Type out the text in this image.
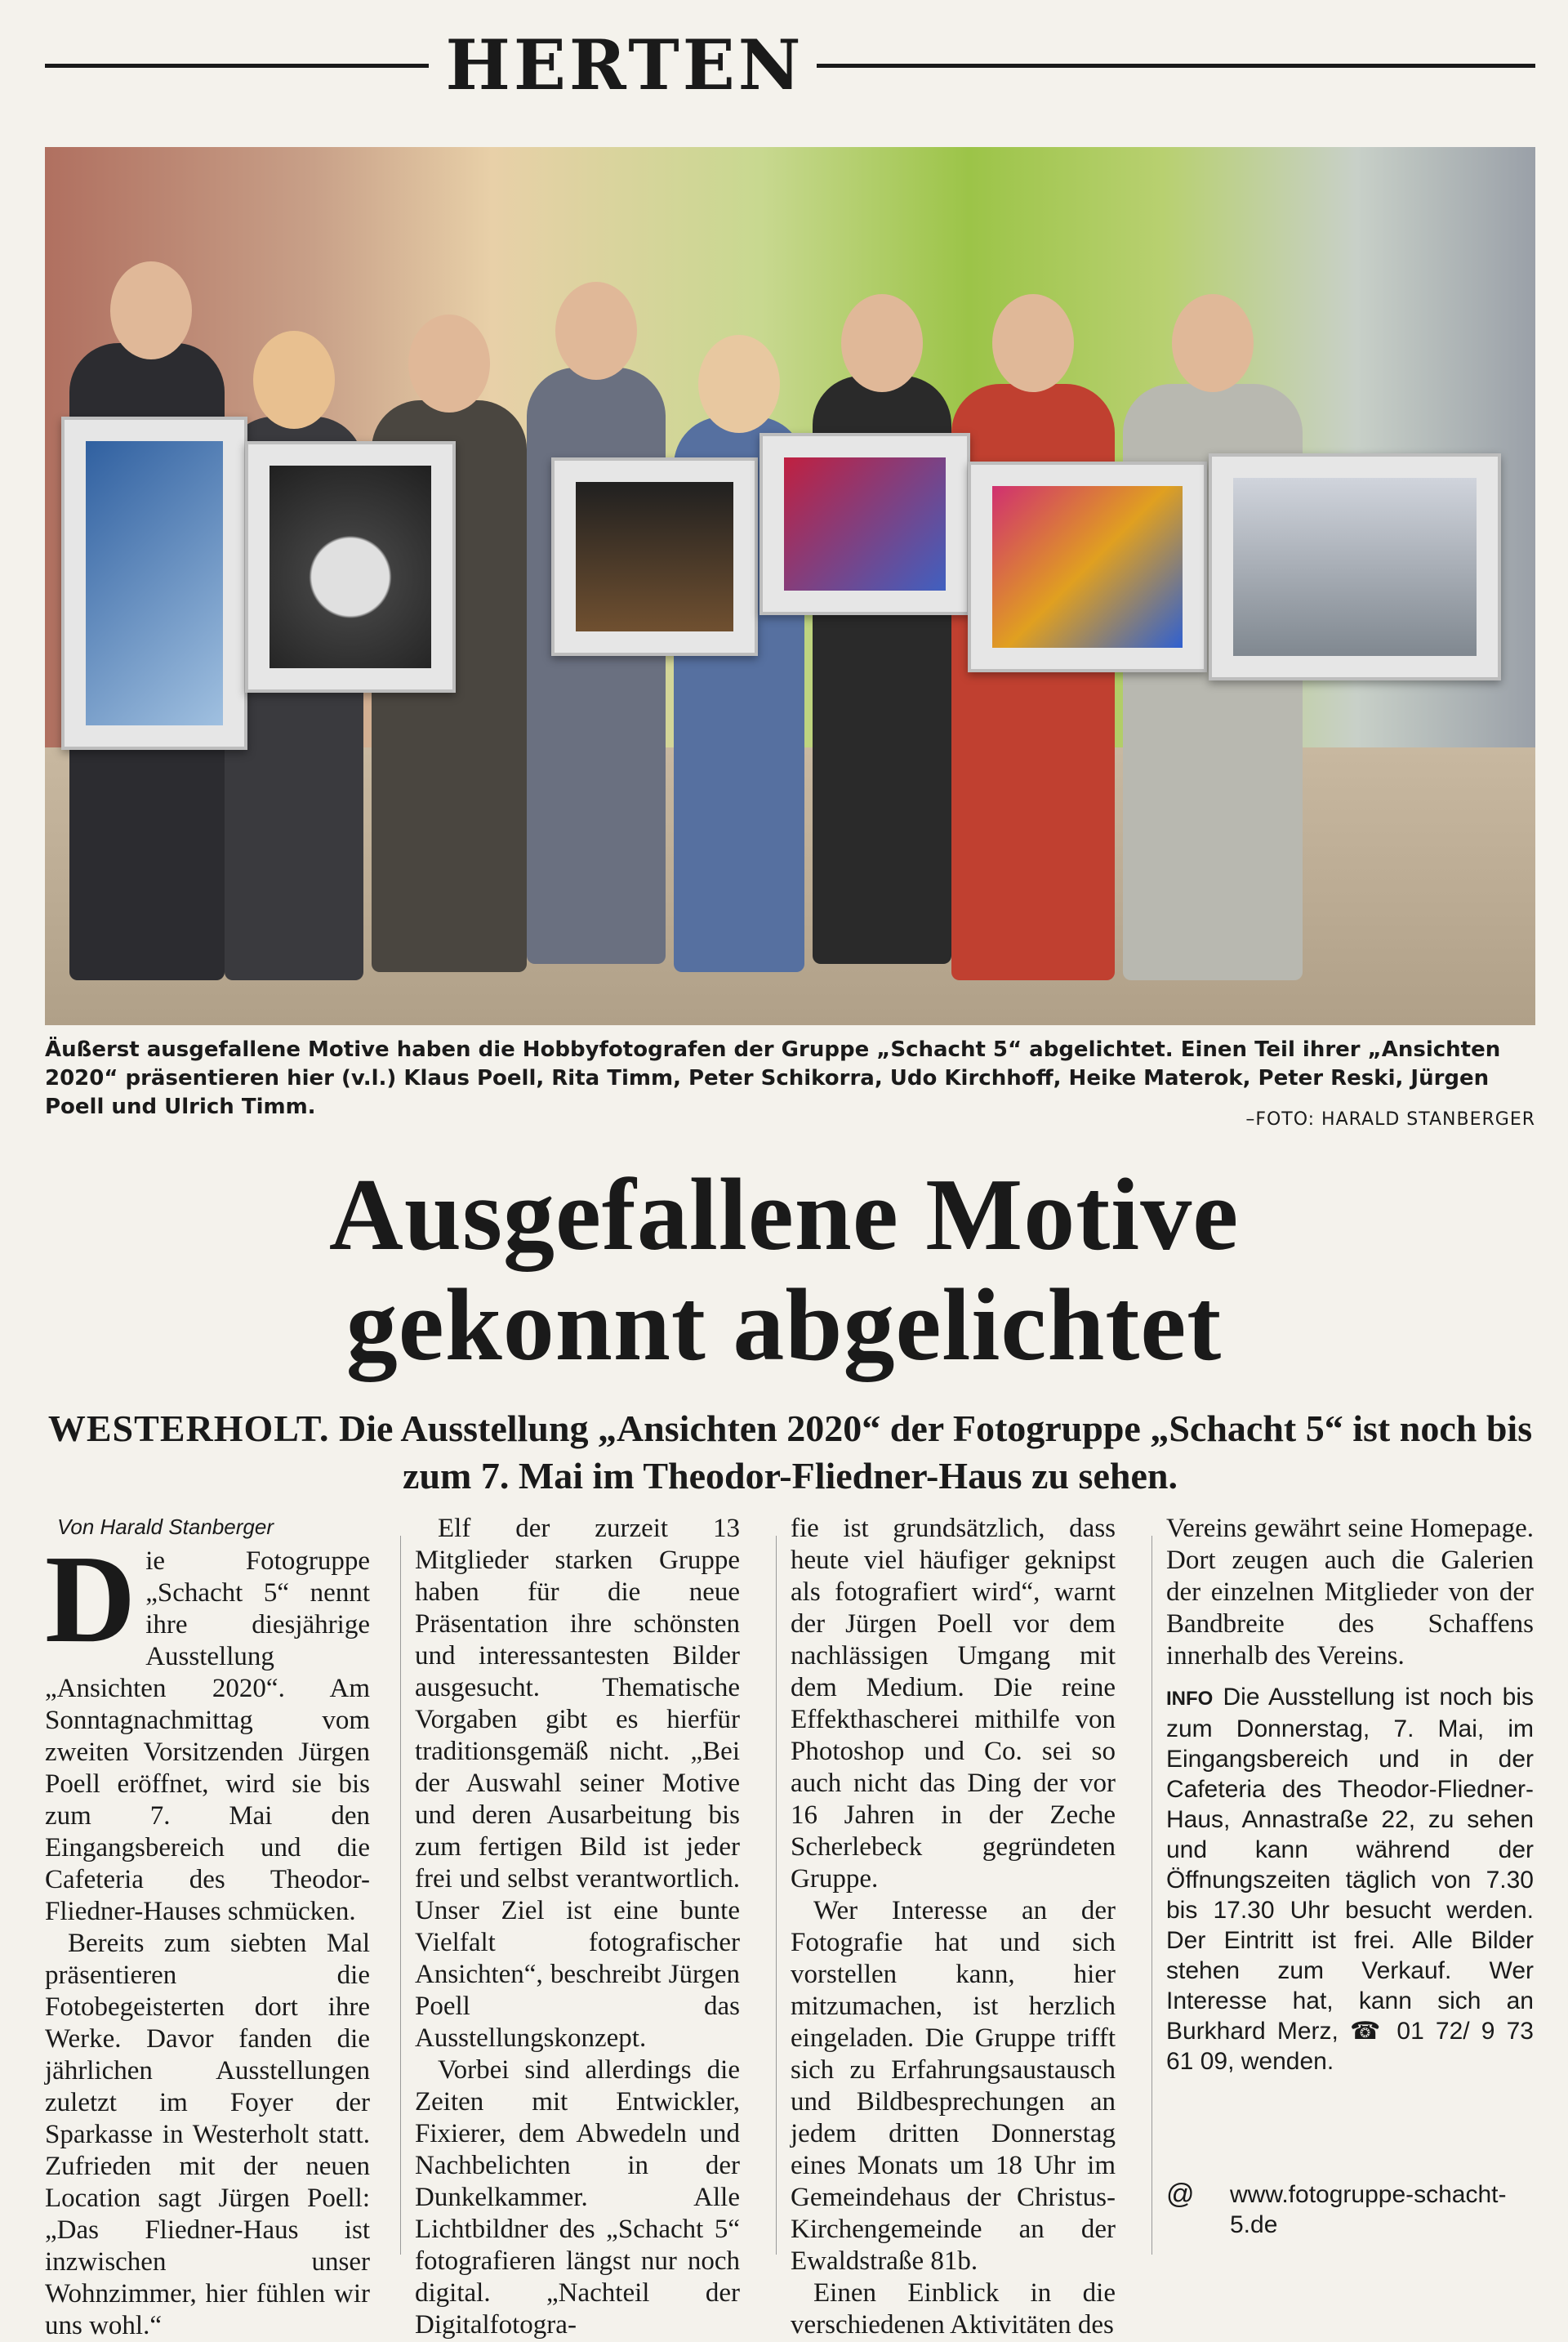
HERTEN
Äußerst ausgefallene Motive haben die Hobbyfotografen der Gruppe „Schacht 5“ abgelichtet. Einen Teil ihrer „Ansichten 2020“ präsentieren hier (v.l.) Klaus Poell, Rita Timm, Peter Schikorra, Udo Kirchhoff, Heike Materok, Peter Reski, Jürgen Poell und Ulrich Timm.
–FOTO: HARALD STANBERGER
Ausgefallene Motive
gekonnt abgelichtet
WESTERHOLT. Die Ausstellung „Ansichten 2020“ der Fotogruppe „Schacht 5“ ist noch bis zum 7. Mai im Theodor-Fliedner-Haus zu sehen.
Von Harald Stanberger

Die Fotogruppe „Schacht 5“ nennt ihre diesjährige Ausstellung „Ansichten 2020“. Am Sonntagnachmittag vom zweiten Vorsitzenden Jürgen Poell eröffnet, wird sie bis zum 7. Mai den Eingangsbereich und die Cafeteria des Theodor-Fliedner-Hauses schmücken.

Bereits zum siebten Mal präsentieren die Fotobegeisterten dort ihre Werke. Davor fanden die jährlichen Ausstellungen zuletzt im Foyer der Sparkasse in Westerholt statt. Zufrieden mit der neuen Location sagt Jürgen Poell: „Das Fliedner-Haus ist inzwischen unser Wohnzimmer, hier fühlen wir uns wohl.“

Elf der zurzeit 13 Mitglieder starken Gruppe haben für die neue Präsentation ihre schönsten und interessantesten Bilder ausgesucht. Thematische Vorgaben gibt es hierfür traditionsgemäß nicht. „Bei der Auswahl seiner Motive und deren Ausarbeitung bis zum fertigen Bild ist jeder frei und selbst verantwortlich. Unser Ziel ist eine bunte Vielfalt fotografischer Ansichten“, beschreibt Jürgen Poell das Ausstellungskonzept.

Vorbei sind allerdings die Zeiten mit Entwickler, Fixierer, dem Abwedeln und Nachbelichten in der Dunkelkammer. Alle Lichtbildner des „Schacht 5“ fotografieren längst nur noch digital. „Nachteil der Digitalfotogra-

fie ist grundsätzlich, dass heute viel häufiger geknipst als fotografiert wird“, warnt der Jürgen Poell vor dem nachlässigen Umgang mit dem Medium. Die reine Effekthascherei mithilfe von Photoshop und Co. sei so auch nicht das Ding der vor 16 Jahren in der Zeche Scherlebeck gegründeten Gruppe.

Wer Interesse an der Fotografie hat und sich vorstellen kann, hier mitzumachen, ist herzlich eingeladen. Die Gruppe trifft sich zu Erfahrungsaustausch und Bildbesprechungen an jedem dritten Donnerstag eines Monats um 18 Uhr im Gemeindehaus der Christus-Kirchengemeinde an der Ewaldstraße 81b.

Einen Einblick in die verschiedenen Aktivitäten des

Vereins gewährt seine Homepage. Dort zeugen auch die Galerien der einzelnen Mitglieder von der Bandbreite des Schaffens innerhalb des Vereins.

INFO Die Ausstellung ist noch bis zum Donnerstag, 7. Mai, im Eingangsbereich und in der Cafeteria des Theodor-Fliedner-Haus, Annastraße 22, zu sehen und kann während der Öffnungszeiten täglich von 7.30 bis 17.30 Uhr besucht werden. Der Eintritt ist frei. Alle Bilder stehen zum Verkauf. Wer Interesse hat, kann sich an Burkhard Merz, ☎ 01 72/ 9 73 61 09, wenden.
@ www.fotogruppe-schacht-5.de
